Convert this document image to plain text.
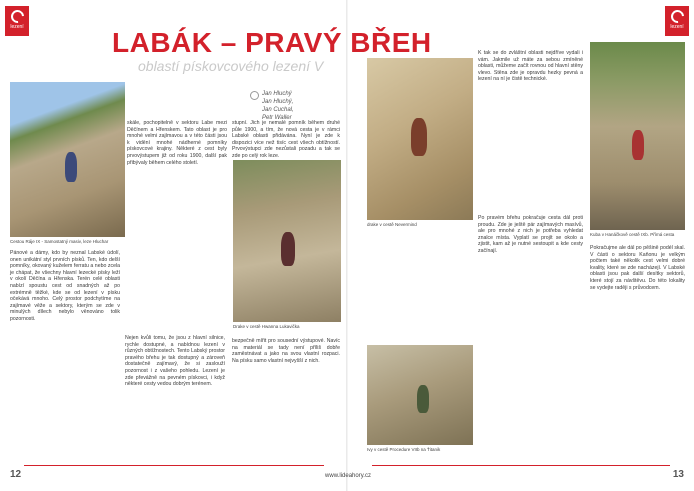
lezení	lezení
LABÁK – PRAVÝ BŘEH
oblastí pískovcového lezení V
Jan Hluchý
Jan Hluchý,
Jan Cuchal,
Petr Waller
Cestou Ráje IX - Samostatný masiv, leze Hluchar
Drake v cestě Hwanna Lukavička
drake v cestě Nevermind
Ivy v cestě Procedure VIIb na Ťitanik
Kuba v Hanáčkově cestě IXb. Přímá cesta
Pánové a dámy, kdo by neznal Labské údolí, onen unikátní styl prvních písků. Ten, kdo delší pomníky, okovaný kuželem ferratu a nebo zcela je chápat, že všechny hlavní lezecké písky leží v okolí Děčína a Hřenska. Terén celé oblasti nabízí spoustu cest od snadných až po extrémně těžké, kde se od lezení v písku očekává mnoho. Celý prostor podchytíme na zajímavé věže a sektory, kterým se zde v minulých dílech nebylo věnováno tolik pozornosti.
Nejen kvůli tomu, že jsou z hlavní silnice, rychle dostupné, a nabídnou lezení v různých obtížnostech. Tento Labský prostor pravého břehu je tak dostupný a zároveň dostatečně zajímavý, že si zaslouží pozornost i z vašeho pohledu. Lezení je zde převážně na pevném pískovci, i když některé cesty vedou dobrým terénem.
skále, pochopitelně v sektoru Labe mezi Děčínem a Hřenskem. Tato oblast je pro mnohé velmi zajímavou a v této části jsou k vidění mnohé nádherné pomníky pískovcové krajiny. Některé z cest byly prvovýstupem již od roku 1900, další pak přibývaly během celého století.
bezpečně mířit pro sousední výstupové. Navíc na materiál se tady není příliš dobře zaměstnávat a jako na svou vlastní rozpaci. Na písku samo vlastní nejvyšší z nich.
stupní. Jich je nemalé pomník během druhé půle 1900, a tím, že nová cesta je v rámci Labské oblasti přidávána. Nyní je zde k dispozici více než tisíc cest všech obtížností. Prvovýstupci zde nezůstali pozadu a tak se zde po celý rok leze.
K tak se do zvláštní oblasti nejdříve vydali i vám. Jakmile už máte za sebou zmíněné oblasti, můžeme začít rovnou od hlavní stěny vlevo. Stěna zde je opravdu hezky pevná a lezení na ní je čistě technické.
Po pravém břehu pokračuje cesta dál proti proudu. Zde je ještě pár zajímavých masívů, ale pro mnohé z nich je potřeba vyhledat znalce místa. Vyplatí se projít se okolo a zjistit, kam až je nutné sestoupit a kde cesty začínají.	Pokračujme ale dál po pěšině podél skal. V části o sektoru Kaňonu je velkým počtem také několik cest velmi dobré kvality, které se zde nacházejí. V Labské oblasti jsou pak další desítky sektorů, které stojí za návštěvu. Do této lokality se vydejte raději s průvodcem.
12	13
www.lideahory.cz
